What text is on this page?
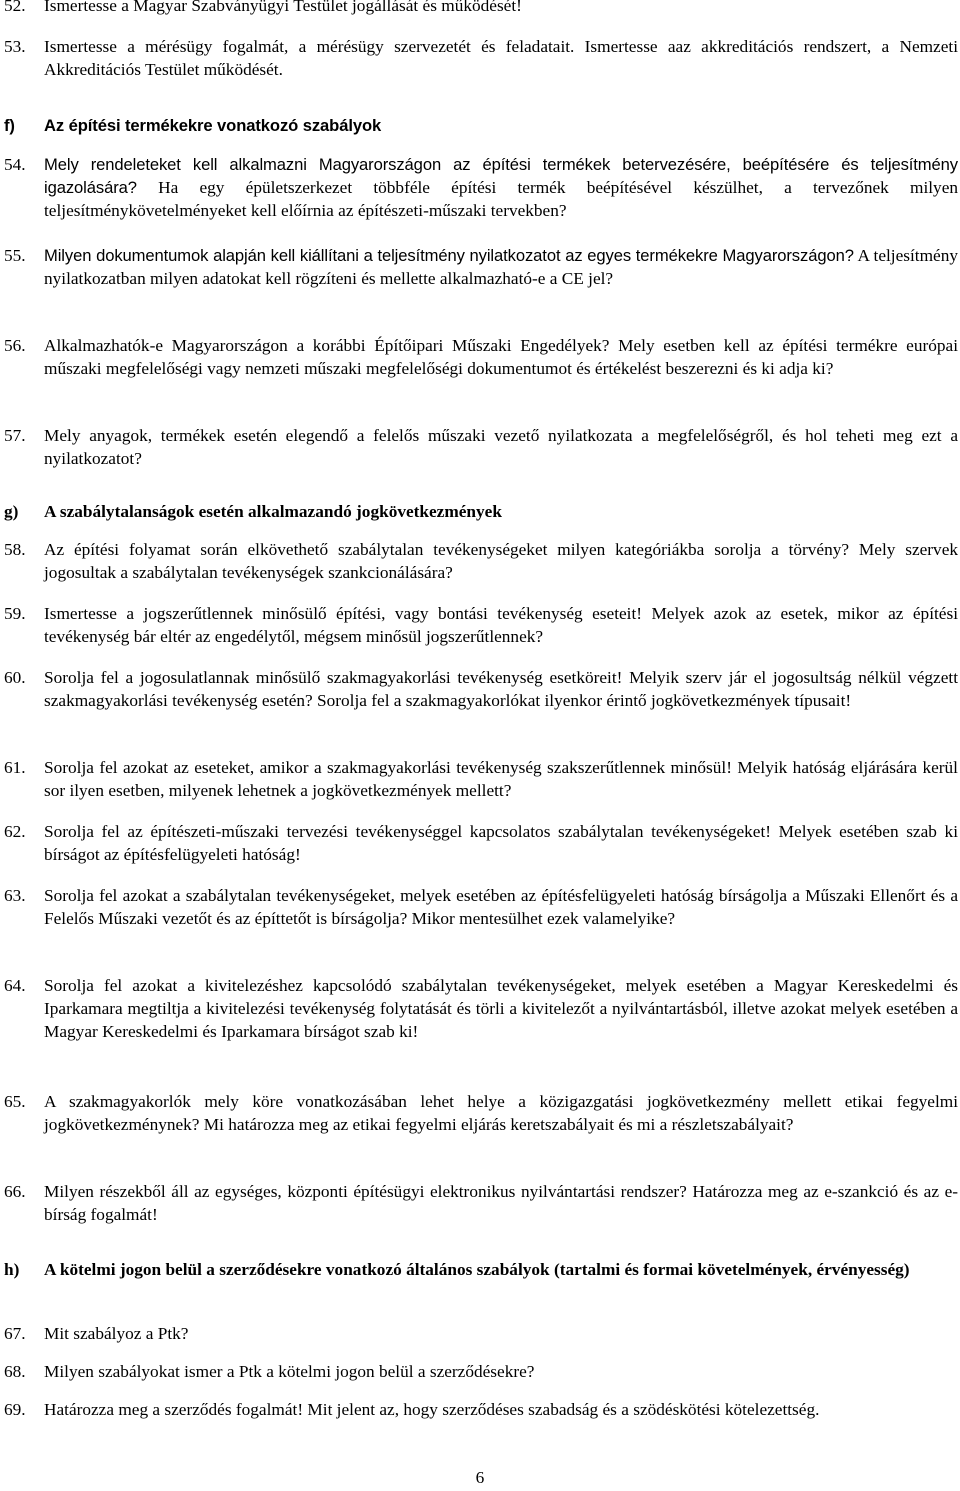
52.	Ismertesse a Magyar Szabványügyi Testület jogállását és működését!
53.	Ismertesse a mérésügy fogalmát, a mérésügy szervezetét és feladatait. Ismertesse aaz akkreditációs rendszert, a Nemzeti Akkreditációs Testület működését.
f)	Az építési termékekre vonatkozó szabályok
54.	Mely rendeleteket kell alkalmazni Magyarországon az építési termékek betervezésére, beépítésére és teljesítmény igazolására? Ha egy épületszerkezet többféle építési termék beépítésével készülhet, a tervezőnek milyen teljesítménykövetelményeket kell előírnia az építészeti-műszaki tervekben?
55.	Milyen dokumentumok alapján kell kiállítani a teljesítmény nyilatkozatot az egyes termékekre Magyarországon? A teljesítmény nyilatkozatban milyen adatokat kell rögzíteni és mellette alkalmazható-e a CE jel?
56.	Alkalmazhatók-e Magyarországon a korábbi Építőipari Műszaki Engedélyek? Mely esetben kell az építési termékre európai műszaki megfelelőségi vagy nemzeti műszaki megfelelőségi dokumentumot és értékelést beszerezni és ki adja ki?
57.	Mely anyagok, termékek esetén elegendő a felelős műszaki vezető nyilatkozata a megfelelőségről, és hol teheti meg ezt a nyilatkozatot?
g)	A szabálytalanságok esetén alkalmazandó jogkövetkezmények
58.	Az építési folyamat során elkövethető szabálytalan tevékenységeket milyen kategóriákba sorolja a törvény? Mely szervek jogosultak a szabálytalan tevékenységek szankcionálására?
59.	Ismertesse a jogszerűtlennek minősülő építési, vagy bontási tevékenység eseteit! Melyek azok az esetek, mikor az építési tevékenység bár eltér az engedélytől, mégsem minősül jogszerűtlennek?
60.	Sorolja fel a jogosulatlannak minősülő szakmagyakorlási tevékenység esetköreit! Melyik szerv jár el jogosultság nélkül végzett szakmagyakorlási tevékenység esetén? Sorolja fel a szakmagyakorlókat ilyenkor érintő jogkövetkezmények típusait!
61.	Sorolja fel azokat az eseteket, amikor a szakmagyakorlási tevékenység szakszerűtlennek minősül! Melyik hatóság eljárására kerül sor ilyen esetben, milyenek lehetnek a jogkövetkezmények mellett?
62.	Sorolja fel az építészeti-műszaki tervezési tevékenységgel kapcsolatos szabálytalan tevékenységeket! Melyek esetében szab ki bírságot az építésfelügyeleti hatóság!
63.	Sorolja fel azokat a szabálytalan tevékenységeket, melyek esetében az építésfelügyeleti hatóság bírságolja a Műszaki Ellenőrt és a Felelős Műszaki vezetőt és az építtetőt is bírságolja? Mikor mentesülhet ezek valamelyike?
64.	Sorolja fel azokat a kivitelezéshez kapcsolódó szabálytalan tevékenységeket, melyek esetében a Magyar Kereskedelmi és Iparkamara megtiltja a kivitelezési tevékenység folytatását és törli a kivitelezőt a nyilvántartásból, illetve azokat melyek esetében a Magyar Kereskedelmi és Iparkamara bírságot szab ki!
65.	A szakmagyakorlók mely köre vonatkozásában lehet helye a közigazgatási jogkövetkezmény mellett etikai fegyelmi jogkövetkezménynek? Mi határozza meg az etikai fegyelmi eljárás keretszabályait és mi a részletszabályait?
66.	Milyen részekből áll az egységes, központi építésügyi elektronikus nyilvántartási rendszer? Határozza meg az e-szankció és az e-bírság fogalmát!
h)	A kötelmi jogon belül a szerződésekre vonatkozó általános szabályok (tartalmi és formai követelmények, érvényesség)
67.	Mit szabályoz a Ptk?
68.	Milyen szabályokat ismer a Ptk a kötelmi jogon belül a szerződésekre?
69.	Határozza meg a szerződés fogalmát! Mit jelent az, hogy szerződéses szabadság és a szödéskötési kötelezettség.
6
